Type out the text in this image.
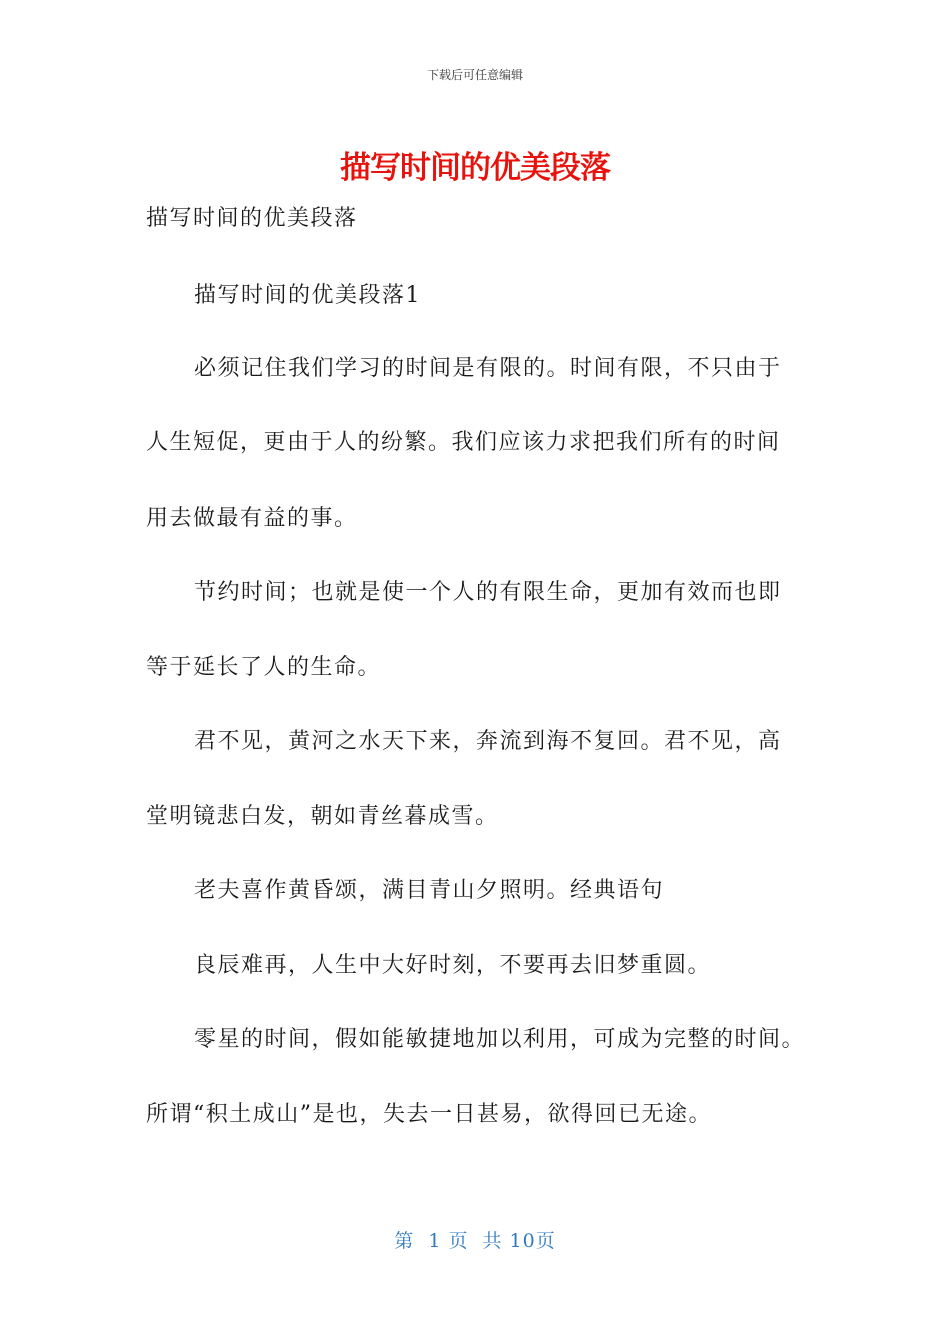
下载后可任意编辑
描写时间的优美段落
描写时间的优美段落
描写时间的优美段落1
必须记住我们学习的时间是有限的。时间有限，不只由于
人生短促，更由于人的纷繁。我们应该力求把我们所有的时间
用去做最有益的事。
节约时间；也就是使一个人的有限生命，更加有效而也即
等于延长了人的生命。
君不见，黄河之水天下来，奔流到海不复回。君不见，高
堂明镜悲白发，朝如青丝暮成雪。
老夫喜作黄昏颂，满目青山夕照明。经典语句
良辰难再，人生中大好时刻，不要再去旧梦重圆。
零星的时间，假如能敏捷地加以利用，可成为完整的时间。
所谓“积土成山”是也，失去一日甚易，欲得回已无途。
第  1 页  共 10页
